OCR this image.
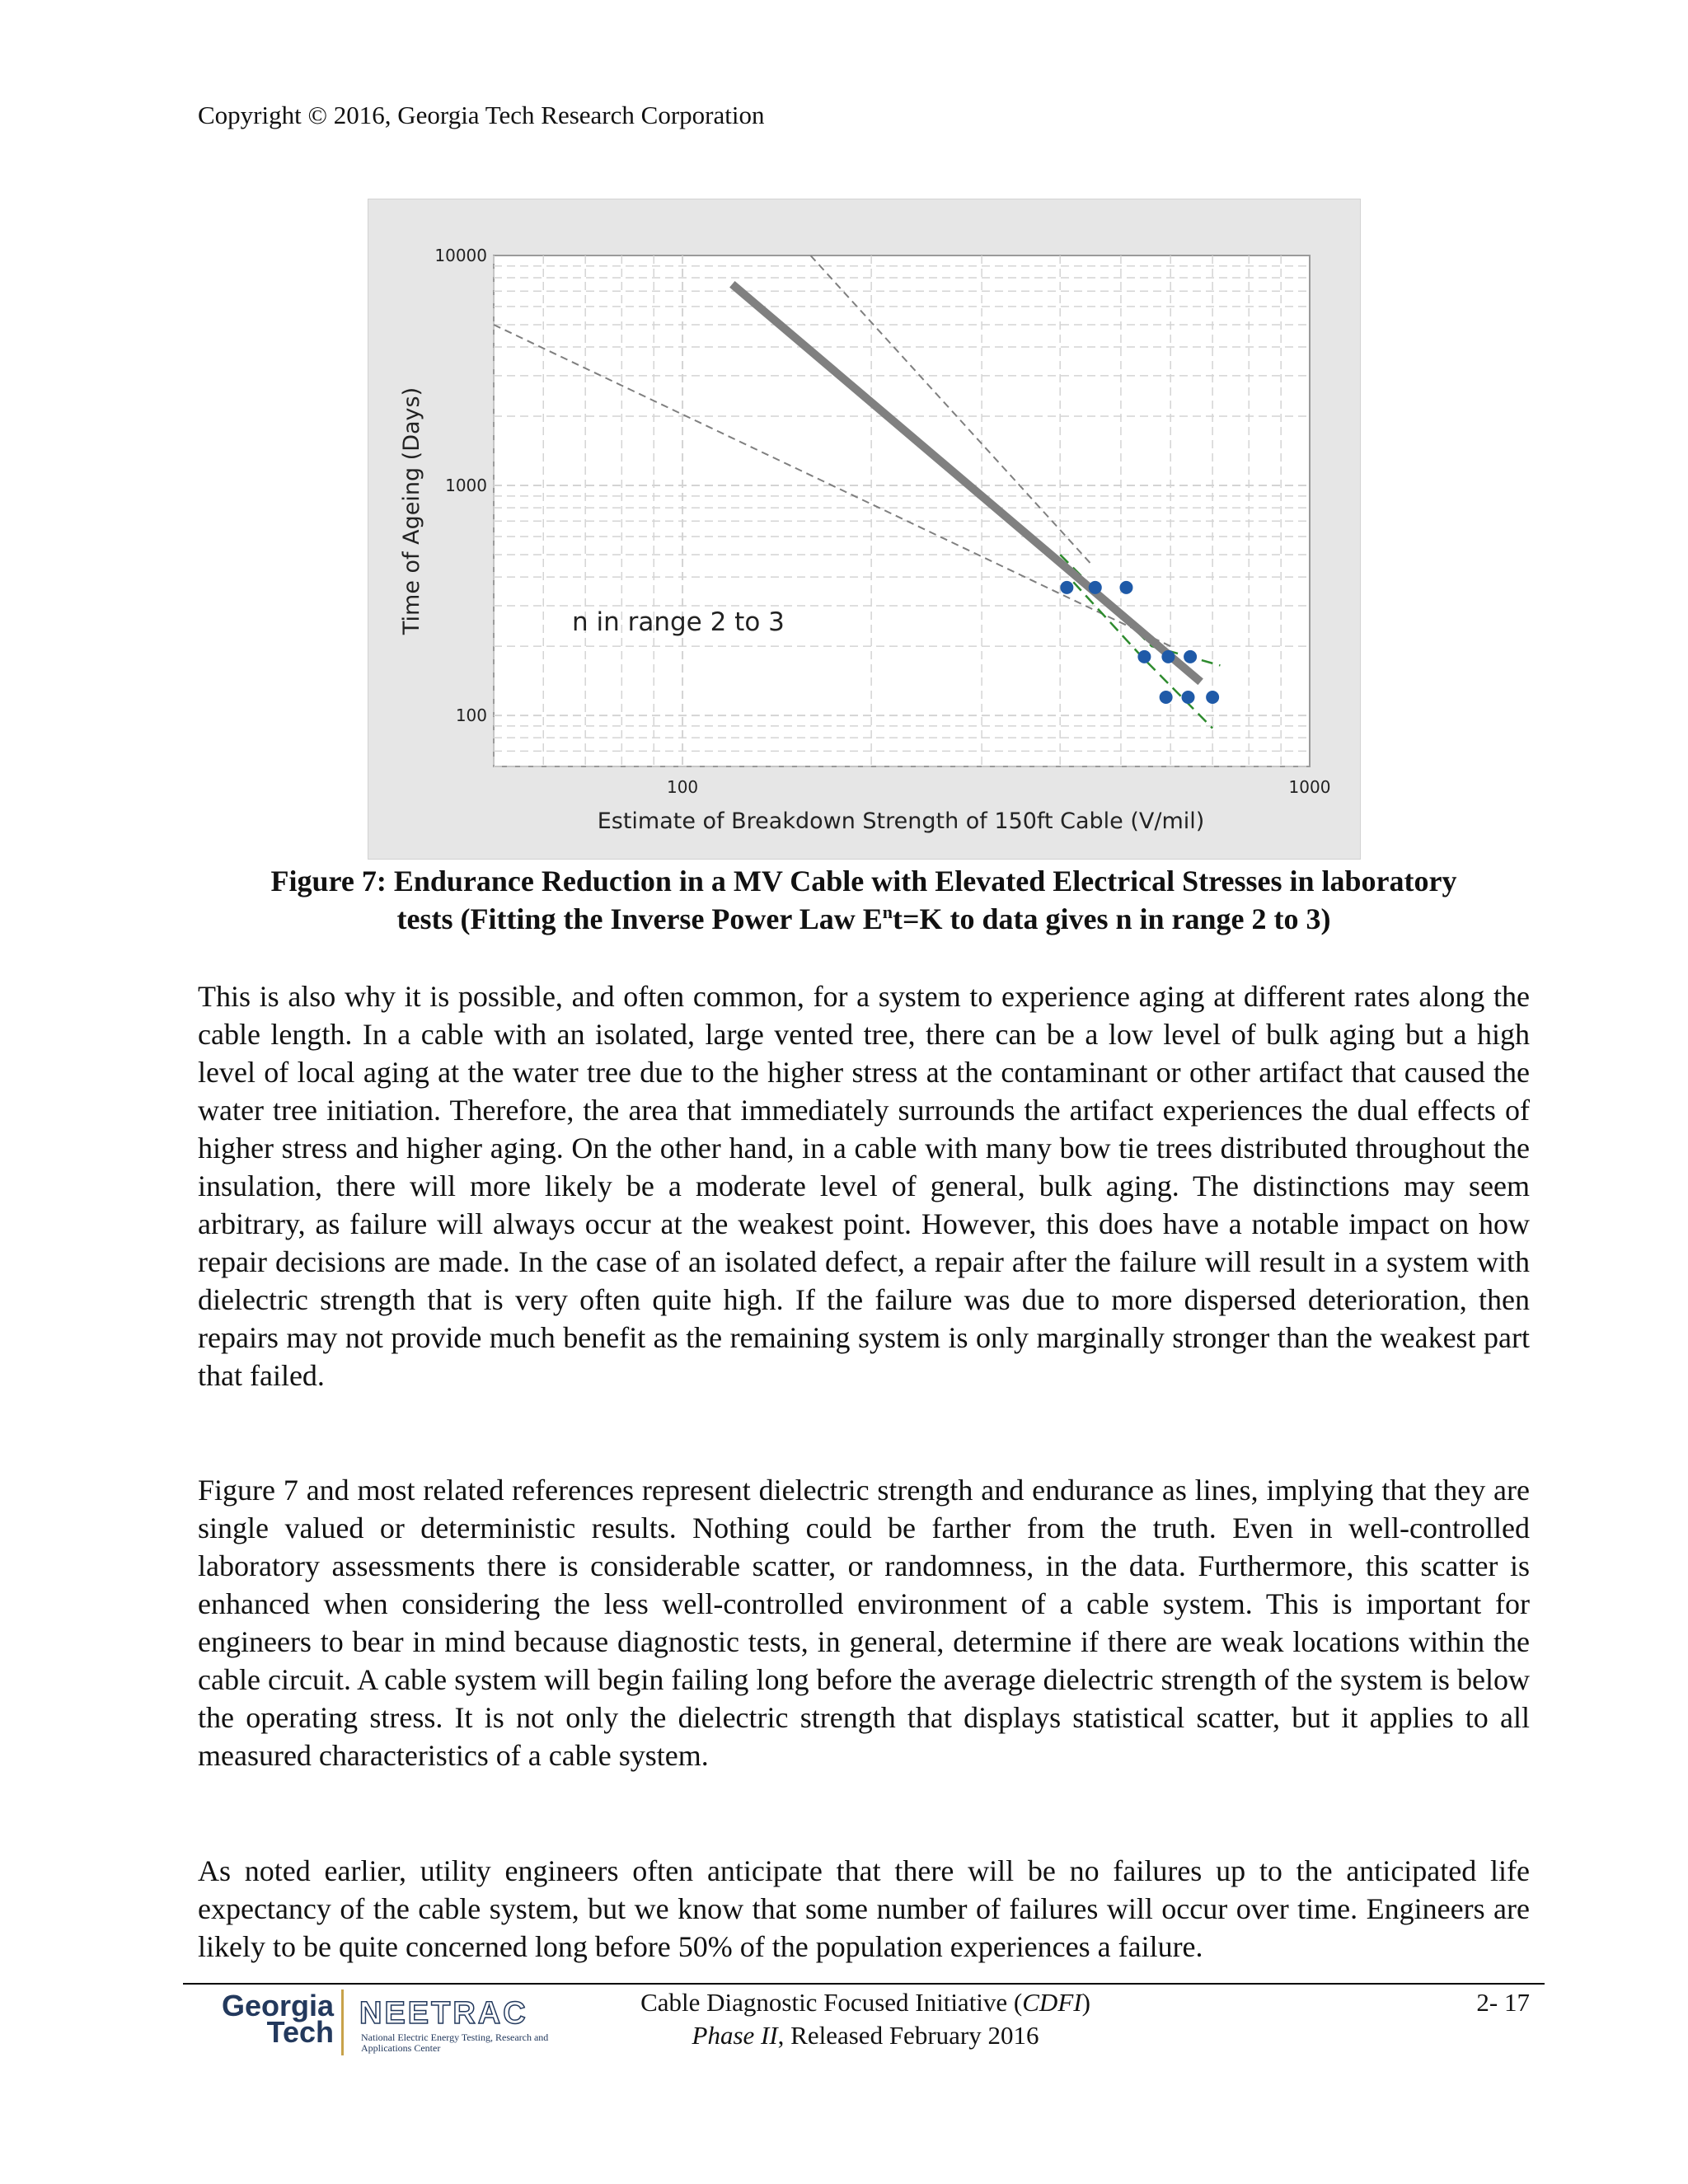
Copyright © 2016, Georgia Tech Research Corporation
100	1000
100
1000
10000
n in range 2 to 3
Estimate of Breakdown Strength of 150ft Cable (V/mil)
Time of Ageing (Days)
Figure 7: Endurance Reduction in a MV Cable with Elevated Electrical Stresses in laboratory
tests (Fitting the Inverse Power Law $E^nt=K$ to data gives n in range 2 to 3)

This is also why it is possible, and often common, for a system to experience aging at different rates along the cable length. In a cable with an isolated, large vented tree, there can be a low level of bulk aging but a high level of local aging at the water tree due to the higher stress at the contaminant or other artifact that caused the water tree initiation. Therefore, the area that immediately surrounds the artifact experiences the dual effects of higher stress and higher aging. On the other hand, in a cable with many bow tie trees distributed throughout the insulation, there will more likely be a moderate level of general, bulk aging. The distinctions may seem arbitrary, as failure will always occur at the weakest point. However, this does have a notable impact on how repair decisions are made. In the case of an isolated defect, a repair after the failure will result in a system with dielectric strength that is very often quite high. If the failure was due to more dispersed deterioration, then repairs may not provide much benefit as the remaining system is only marginally stronger than the weakest part that failed.

Figure 7 and most related references represent dielectric strength and endurance as lines, implying that they are single valued or deterministic results. Nothing could be farther from the truth. Even in well-controlled laboratory assessments there is considerable scatter, or randomness, in the data. Furthermore, this scatter is enhanced when considering the less well-controlled environment of a cable system. This is important for engineers to bear in mind because diagnostic tests, in general, determine if there are weak locations within the cable circuit. A cable system will begin failing long before the average dielectric strength of the system is below the operating stress. It is not only the dielectric strength that displays statistical scatter, but it applies to all measured characteristics of a cable system.

As noted earlier, utility engineers often anticipate that there will be no failures up to the anticipated life expectancy of the cable system, but we know that some number of failures will occur over time. Engineers are likely to be quite concerned long before 50% of the population experiences a failure.

Georgia
Tech
NEETRAC
National Electric Energy Testing, Research and Applications Center
Cable Diagnostic Focused Initiative (CDFI)
Phase II, Released February 2016
2- 17
